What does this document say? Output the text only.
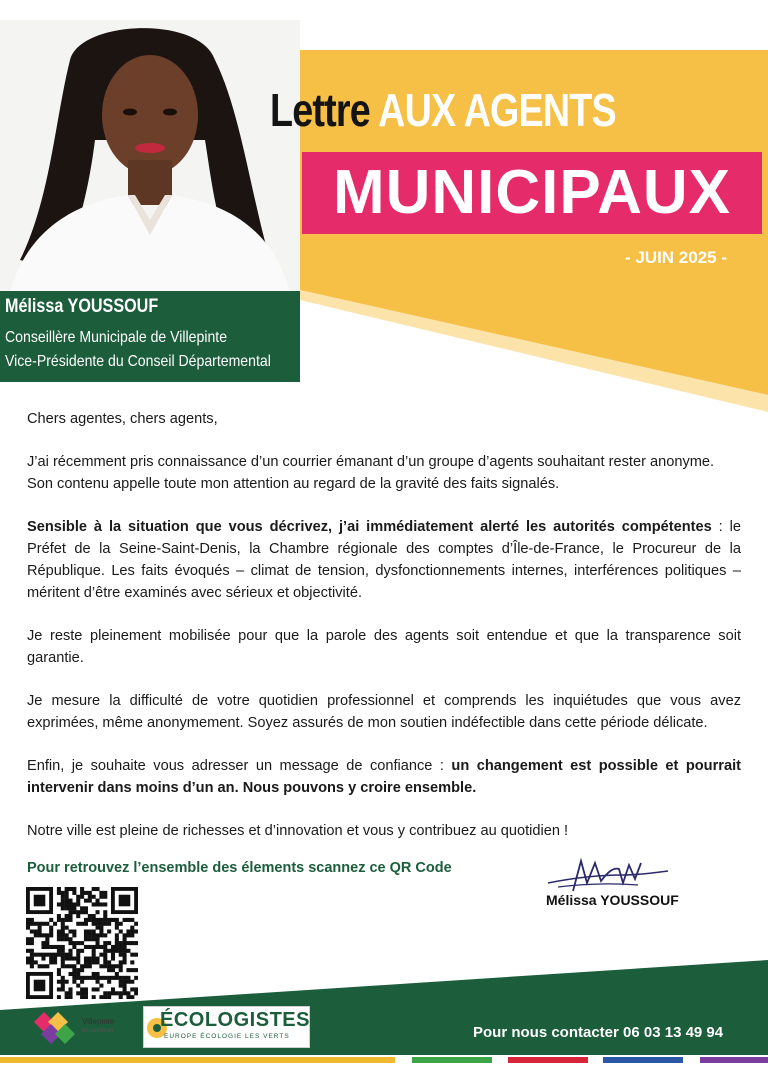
Lettre AUX AGENTS
MUNICIPAUX
- JUIN 2025 -
Mélissa YOUSSOUF
Conseillère Municipale de Villepinte
Vice-Présidente du Conseil Départemental

Chers agentes, chers agents,

J’ai récemment pris connaissance d’un courrier émanant d’un groupe d’agents souhaitant rester anonyme.
Son contenu appelle toute mon attention au regard de la gravité des faits signalés.

Sensible à la situation que vous décrivez, j’ai immédiatement alerté les autorités compétentes : le Préfet de la Seine-Saint-Denis, la Chambre régionale des comptes d’Île-de-France, le Procureur de la République. Les faits évoqués – climat de tension, dysfonctionnements internes, interférences politiques – méritent d’être examinés avec sérieux et objectivité.

Je reste pleinement mobilisée pour que la parole des agents soit entendue et que la transparence soit garantie.

Je mesure la difficulté de votre quotidien professionnel et comprends les inquiétudes que vous avez exprimées, même anonymement. Soyez assurés de mon soutien indéfectible dans cette période délicate.

Enfin, je souhaite vous adresser un message de confiance : un changement est possible et pourrait intervenir dans moins d’un an. Nous pouvons y croire ensemble.

Notre ville est pleine de richesses et d’innovation et vous y contribuez au quotidien !

Pour retrouvez l’ensemble des élements scannez ce QR Code
Mélissa YOUSSOUF
Villepinte
en commun ÉCOLOGISTES
EUROPE ÉCOLOGIE LES VERTS	Pour nous contacter 06 03 13 49 94
